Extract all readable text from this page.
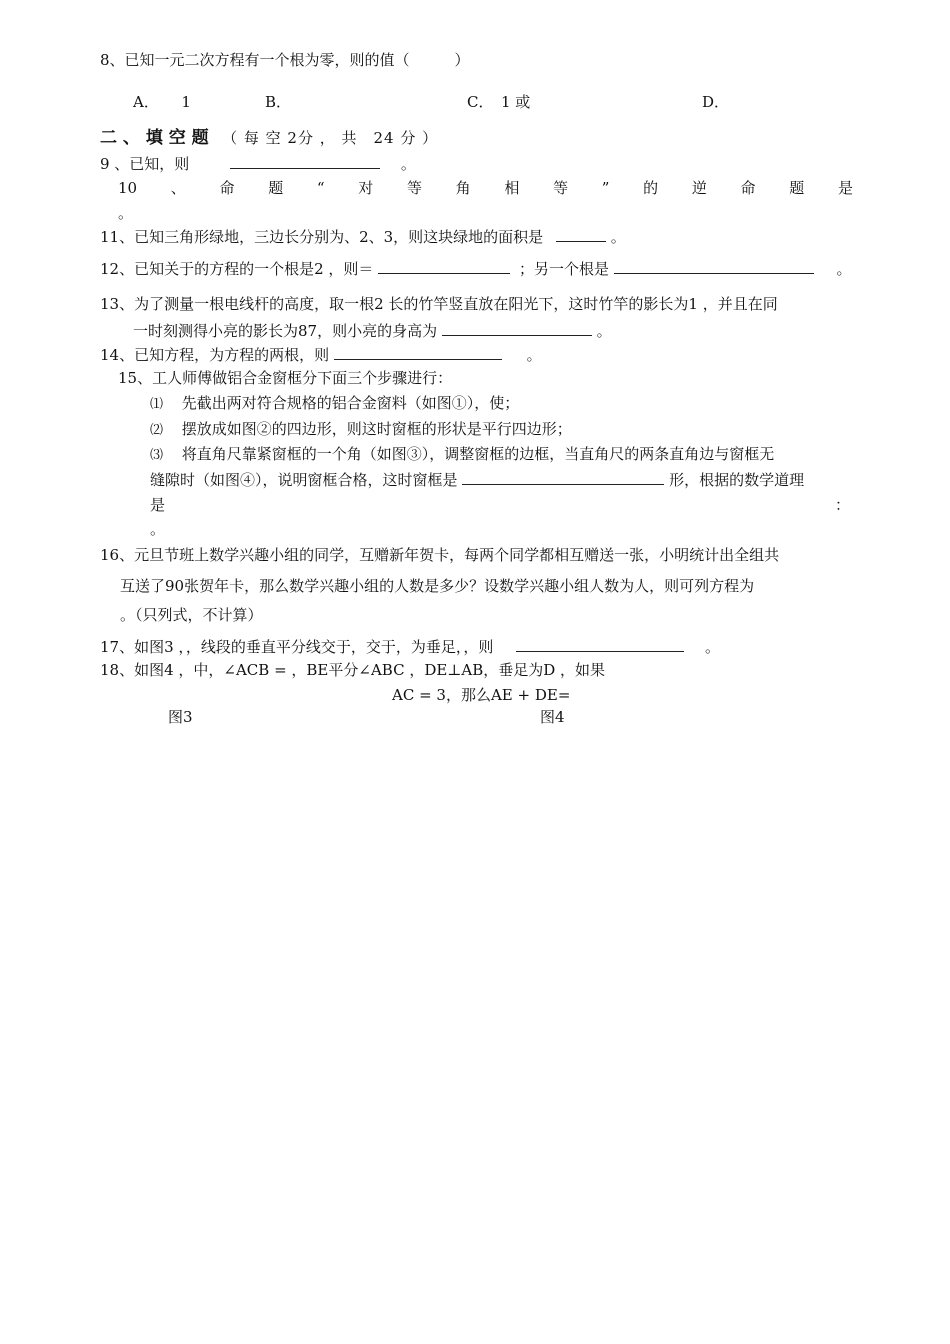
8、已知一元二次方程有一个根为零，则的值（　　　）
A．　　1	B．	C．　1 或	D．
二 、 填 空 题 （ 每 空 2分 ， 共　24 分 ）
9 、已知，则	。
10 、 命 题 “ 对 等 角 相 等 ” 的 逆 命 题 是
。
11、已知三角形绿地，三边长分别为、2、3，则这块绿地的面积是	。
12、已知关于的方程的一个根是2 ，则＝	；另一个根是	。
13、为了测量一根电线杆的高度，取一根2 长的竹竿竖直放在阳光下，这时竹竿的影长为1 ，并且在同
一时刻测得小亮的影长为87，则小亮的身高为	。
14、已知方程，为方程的两根，则	。
15、工人师傅做铝合金窗框分下面三个步骤进行：
⑴ 先截出两对符合规格的铝合金窗料（如图①），使；
⑵ 摆放成如图②的四边形，则这时窗框的形状是平行四边形；
⑶ 将直角尺靠紧窗框的一个角（如图③），调整窗框的边框，当直角尺的两条直角边与窗框无
缝隙时（如图④），说明窗框合格，这时窗框是	形，根据的数学道理
是	：
。
16、元旦节班上数学兴趣小组的同学，互赠新年贺卡，每两个同学都相互赠送一张，小明统计出全组共
互送了90张贺年卡，那么数学兴趣小组的人数是多少？设数学兴趣小组人数为人，则可列方程为
。（只列式，不计算）
17、如图3 ，，线段的垂直平分线交于，交于，为垂足，，则	。
18、如图4 ，中，∠ACB = ，BE平分∠ABC ，DE⊥AB，垂足为D ，如果
AC = 3，那么AE + DE=
图3	图4
